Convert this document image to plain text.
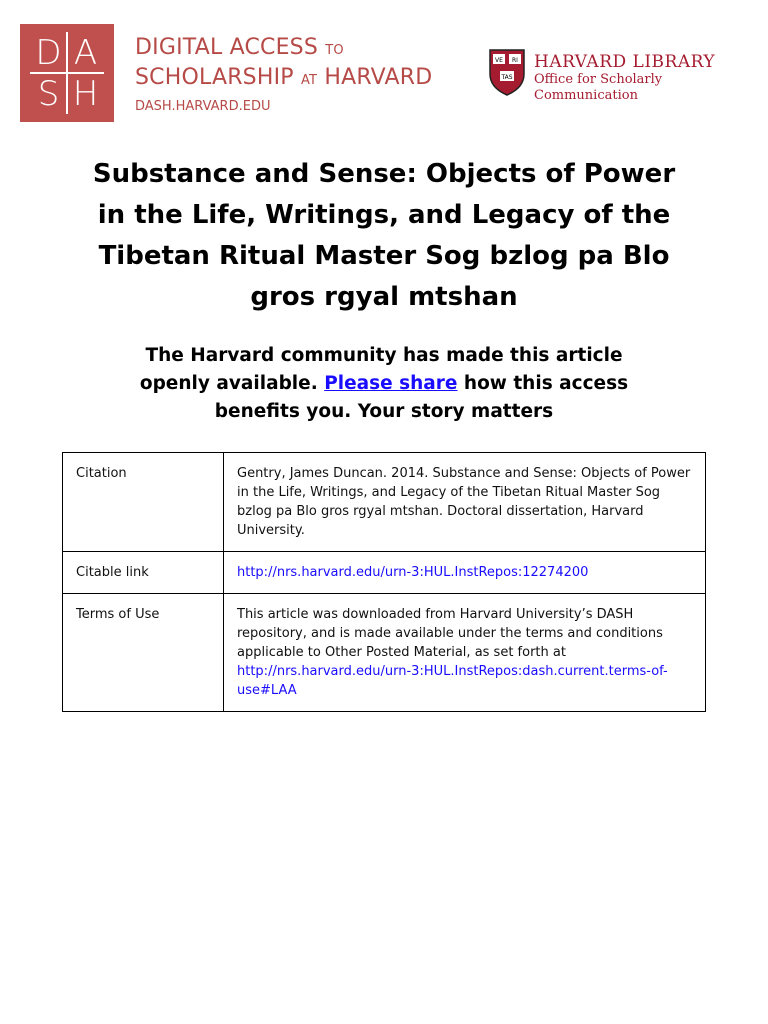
D A
S H
DIGITAL ACCESS TO
SCHOLARSHIP AT HARVARD
DASH.HARVARD.EDU
VE RI
TAS
HARVARD LIBRARY
Office for Scholarly Communication
Substance and Sense: Objects of Power in the Life, Writings, and Legacy of the Tibetan Ritual Master Sog bzlog pa Blo gros rgyal mtshan
The Harvard community has made this article openly available. Please share how this access benefits you. Your story matters
Citation	Gentry, James Duncan. 2014. Substance and Sense: Objects of Power in the Life, Writings, and Legacy of the Tibetan Ritual Master Sog bzlog pa Blo gros rgyal mtshan. Doctoral dissertation, Harvard University.
Citable link	http://nrs.harvard.edu/urn-3:HUL.InstRepos:12274200
Terms of Use	This article was downloaded from Harvard University’s DASH repository, and is made available under the terms and conditions applicable to Other Posted Material, as set forth at http://nrs.harvard.edu/urn-3:HUL.InstRepos:dash.current.terms-of-use#LAA
